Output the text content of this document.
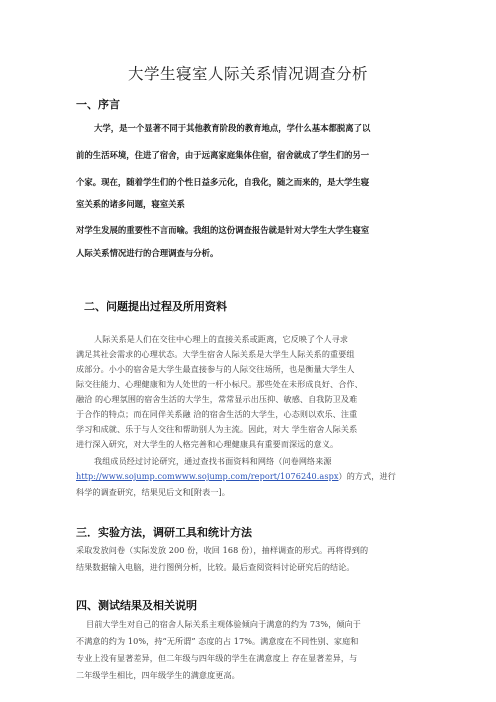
大学生寝室人际关系情况调查分析
一、序言
大学，是一个显著不同于其他教育阶段的教育地点，学什么基本都脱离了以
前的生活环境，住进了宿舍，由于远离家庭集体住宿，宿舍就成了学生们的另一
个家。现在，随着学生们的个性日益多元化，自我化，随之而来的，是大学生寝
室关系的诸多问题，寝室关系
对学生发展的重要性不言而喻。我组的这份调查报告就是针对大学生大学生寝室
人际关系情况进行的合理调查与分析。
二、问题提出过程及所用资料
人际关系是人们在交往中心理上的直接关系或距离，它反映了个人寻求
满足其社会需求的心理状态。大学生宿舍人际关系是大学生人际关系的重要组
成部分。小小的宿舍是大学生最直接参与的人际交往场所，也是衡量大学生人
际交往能力、心理健康和为人处世的一杆小标尺。那些处在未形成良好、合作、
融洽 的心理氛围的宿舍生活的大学生，常常显示出压抑、敏感、自我防卫及难
于合作的特点；而在同伴关系融 洽的宿舍生活的大学生，心态则以欢乐、注重
学习和成就、乐于与人交往和帮助别人为主流。因此，对大 学生宿舍人际关系
进行深入研究，对大学生的人格完善和心理健康具有重要而深远的意义。
我组成员经过讨论研究，通过查找书面资料和网络（问卷网络来源
http://www.sojump.comwww.sojump.com/report/1076240.aspx）的方式，进行
科学的调查研究，结果见后文和[附表一]。
三．实验方法，调研工具和统计方法
采取发放问卷（实际发放 200 份，收回 168 份），抽样调查的形式。再将得到的
结果数据输入电脑，进行图例分析，比较。最后查阅资料讨论研究后的结论。
四、测试结果及相关说明
目前大学生对自己的宿舍人际关系主观体验倾向于满意的约为 73%，倾向于
不满意的约为 10%，持“无所谓” 态度的占 17%。满意度在不同性别、家庭和
专业上没有显著差异，但二年级与四年级的学生在满意度上 存在显著差异，与
二年级学生相比，四年级学生的满意度更高。
